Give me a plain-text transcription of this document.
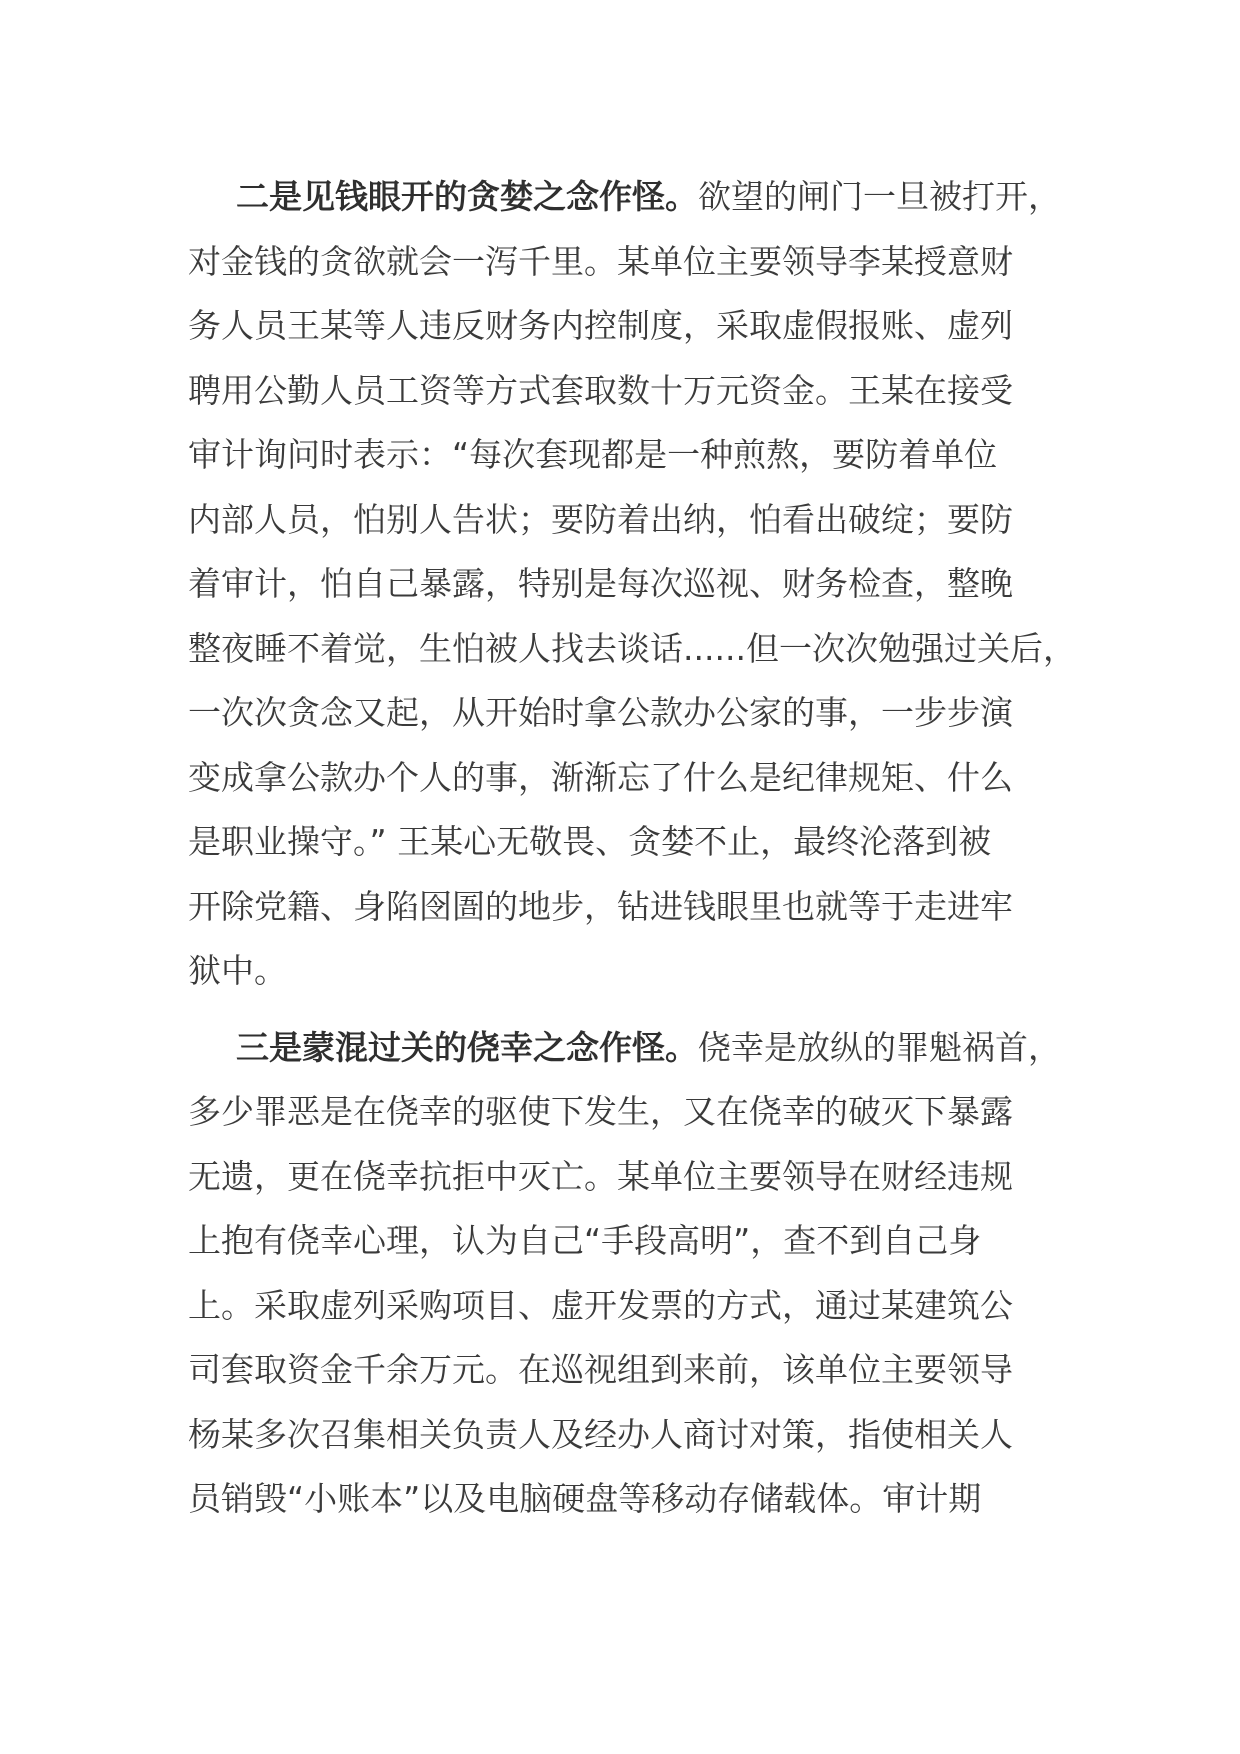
二是见钱眼开的贪婪之念作怪。欲望的闸门一旦被打开，
对金钱的贪欲就会一泻千里。某单位主要领导李某授意财
务人员王某等人违反财务内控制度，采取虚假报账、虚列
聘用公勤人员工资等方式套取数十万元资金。王某在接受
审计询问时表示：“每次套现都是一种煎熬，要防着单位
内部人员，怕别人告状；要防着出纳，怕看出破绽；要防
着审计，怕自己暴露，特别是每次巡视、财务检查，整晚
整夜睡不着觉，生怕被人找去谈话......但一次次勉强过关后，
一次次贪念又起，从开始时拿公款办公家的事，一步步演
变成拿公款办个人的事，渐渐忘了什么是纪律规矩、什么
是职业操守。” 王某心无敬畏、贪婪不止，最终沦落到被
开除党籍、身陷囹圄的地步，钻进钱眼里也就等于走进牢
狱中。
三是蒙混过关的侥幸之念作怪。侥幸是放纵的罪魁祸首，
多少罪恶是在侥幸的驱使下发生，又在侥幸的破灭下暴露
无遗，更在侥幸抗拒中灭亡。某单位主要领导在财经违规
上抱有侥幸心理，认为自己“手段高明”，查不到自己身
上。采取虚列采购项目、虚开发票的方式，通过某建筑公
司套取资金千余万元。在巡视组到来前，该单位主要领导
杨某多次召集相关负责人及经办人商讨对策，指使相关人
员销毁“小账本”以及电脑硬盘等移动存储载体。审计期
